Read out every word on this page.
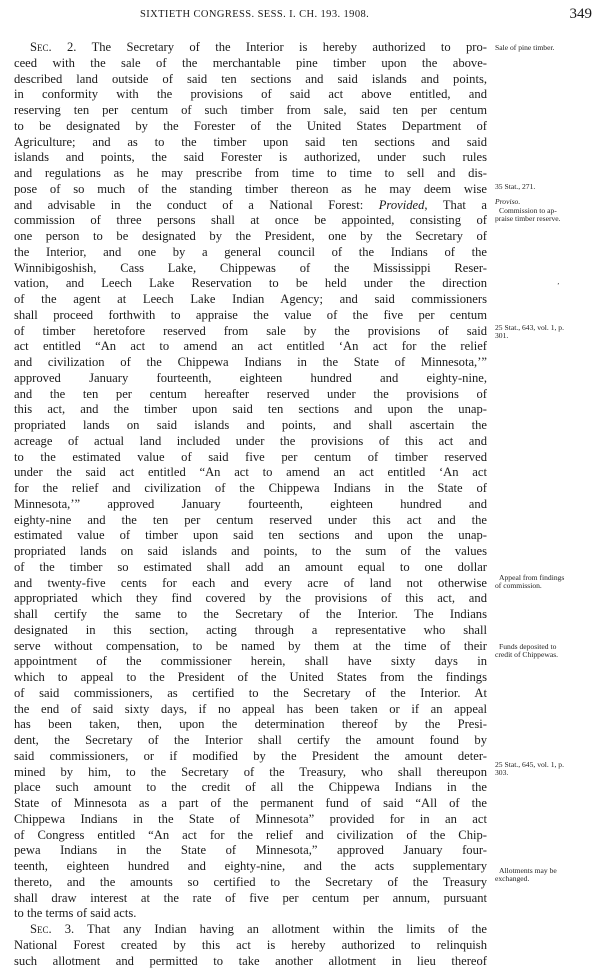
SIXTIETH CONGRESS. SESS. I. CH. 193. 1908.	349
Sec. 2. The Secretary of the Interior is hereby authorized to pro-
ceed with the sale of the merchantable pine timber upon the above-
described land outside of said ten sections and said islands and points,
in conformity with the provisions of said act above entitled, and
reserving ten per centum of such timber from sale, said ten per centum
to be designated by the Forester of the United States Department of
Agriculture; and as to the timber upon said ten sections and said
islands and points, the said Forester is authorized, under such rules
and regulations as he may prescribe from time to time to sell and dis-
pose of so much of the standing timber thereon as he may deem wise
and advisable in the conduct of a National Forest: Provided, That a
commission of three persons shall at once be appointed, consisting of
one person to be designated by the President, one by the Secretary of
the Interior, and one by a general council of the Indians of the
Winnibigoshish, Cass Lake, Chippewas of the Mississippi Reser-
vation, and Leech Lake Reservation to be held under the direction
of the agent at Leech Lake Indian Agency; and said commissioners
shall proceed forthwith to appraise the value of the five per centum
of timber heretofore reserved from sale by the provisions of said
act entitled “An act to amend an act entitled ‘An act for the relief
and civilization of the Chippewa Indians in the State of Minnesota,’”
approved January fourteenth, eighteen hundred and eighty-nine,
and the ten per centum hereafter reserved under the provisions of
this act, and the timber upon said ten sections and upon the unap-
propriated lands on said islands and points, and shall ascertain the
acreage of actual land included under the provisions of this act and
to the estimated value of said five per centum of timber reserved
under the said act entitled “An act to amend an act entitled ‘An act
for the relief and civilization of the Chippewa Indians in the State of
Minnesota,’” approved January fourteenth, eighteen hundred and
eighty-nine and the ten per centum reserved under this act and the
estimated value of timber upon said ten sections and upon the unap-
propriated lands on said islands and points, to the sum of the values
of the timber so estimated shall add an amount equal to one dollar
and twenty-five cents for each and every acre of land not otherwise
appropriated which they find covered by the provisions of this act, and
shall certify the same to the Secretary of the Interior. The Indians
designated in this section, acting through a representative who shall
serve without compensation, to be named by them at the time of their
appointment of the commissioner herein, shall have sixty days in
which to appeal to the President of the United States from the findings
of said commissioners, as certified to the Secretary of the Interior. At
the end of said sixty days, if no appeal has been taken or if an appeal
has been taken, then, upon the determination thereof by the Presi-
dent, the Secretary of the Interior shall certify the amount found by
said commissioners, or if modified by the President the amount deter-
mined by him, to the Secretary of the Treasury, who shall thereupon
place such amount to the credit of all the Chippewa Indians in the
State of Minnesota as a part of the permanent fund of said “All of the
Chippewa Indians in the State of Minnesota” provided for in an act
of Congress entitled “An act for the relief and civilization of the Chip-
pewa Indians in the State of Minnesota,” approved January four-
teenth, eighteen hundred and eighty-nine, and the acts supplementary
thereto, and the amounts so certified to the Secretary of the Treasury
shall draw interest at the rate of five per centum per annum, pursuant
to the terms of said acts.
Sec. 3. That any Indian having an allotment within the limits of the
National Forest created by this act is hereby authorized to relinquish
such allotment and permitted to take another allotment in lieu thereof
Sale of pine timber.
35 Stat., 271.
Proviso.
Commission to ap-
praise timber reserve.
’
25 Stat., 643, vol. 1, p.
301.
Appeal from findings
of commission.
Funds deposited to
credit of Chippewas.
25 Stat., 645, vol. 1, p.
303.
Allotments may be
exchanged.
